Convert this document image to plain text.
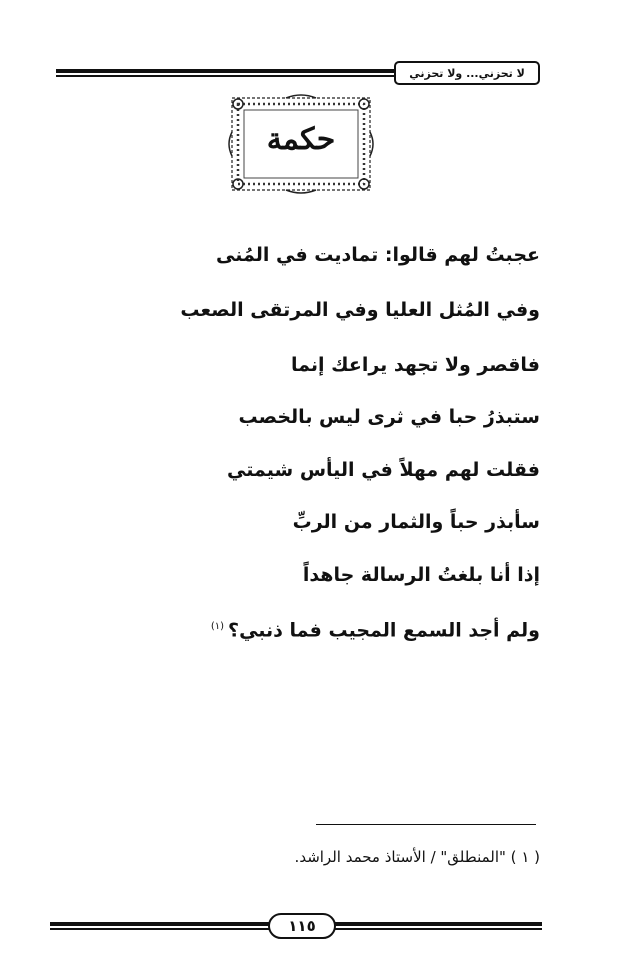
لا تحزني... ولا تحزني
حكمة
عجبتُ لهم قالوا: تماديت في المُنى
وفي المُثل العليا وفي المرتقى الصعب
فاقصر ولا تجهد يراعك إنما
ستبذرُ حبا في ثرى ليس بالخصب
فقلت لهم مهلاً في اليأس شيمتي
سأبذر حباً والثمار من الربِّ
إذا أنا بلغتُ الرسالة جاهداً
ولم أجد السمع المجيب فما ذنبي؟$^{(١)}$
( ١ ) "المنطلق" / الأستاذ محمد الراشد.
١١٥
